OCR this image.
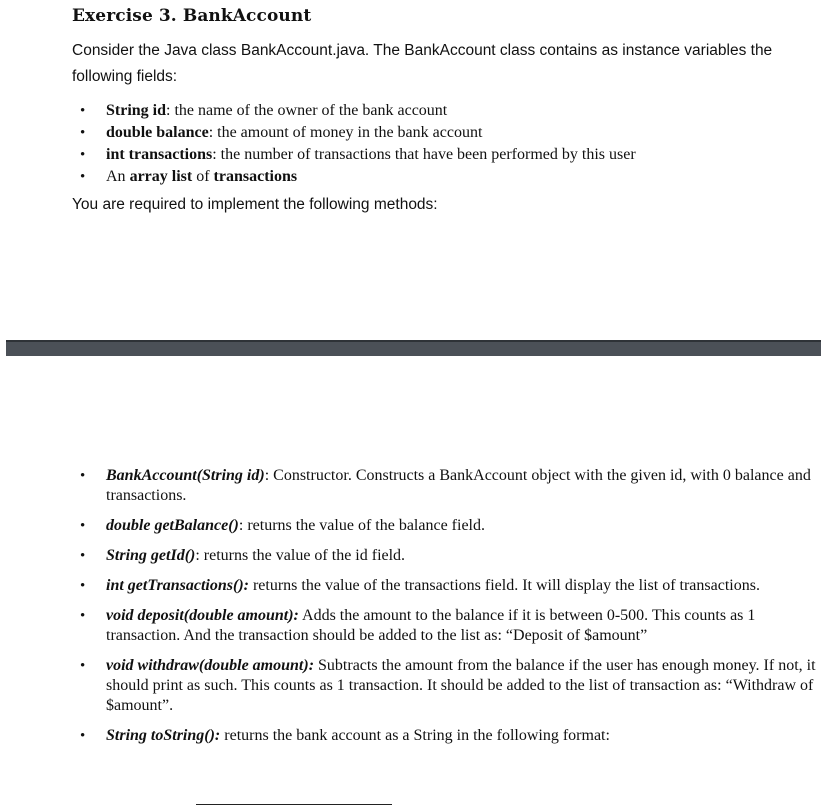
Exercise 3. BankAccount
Consider the Java class BankAccount.java. The BankAccount class contains as instance variables the following fields:
• String id: the name of the owner of the bank account
• double balance: the amount of money in the bank account
• int transactions: the number of transactions that have been performed by this user
• An array list of transactions
You are required to implement the following methods:
• BankAccount(String id): Constructor. Constructs a BankAccount object with the given id, with 0 balance and transactions.
• double getBalance(): returns the value of the balance field.
• String getId(): returns the value of the id field.
• int getTransactions(): returns the value of the transactions field. It will display the list of transactions.
• void deposit(double amount): Adds the amount to the balance if it is between 0-500. This counts as 1 transaction. And the transaction should be added to the list as: “Deposit of $amount”
• void withdraw(double amount): Subtracts the amount from the balance if the user has enough money. If not, it should print as such. This counts as 1 transaction. It should be added to the list of transaction as: “Withdraw of $amount”.
• String toString(): returns the bank account as a String in the following format:
